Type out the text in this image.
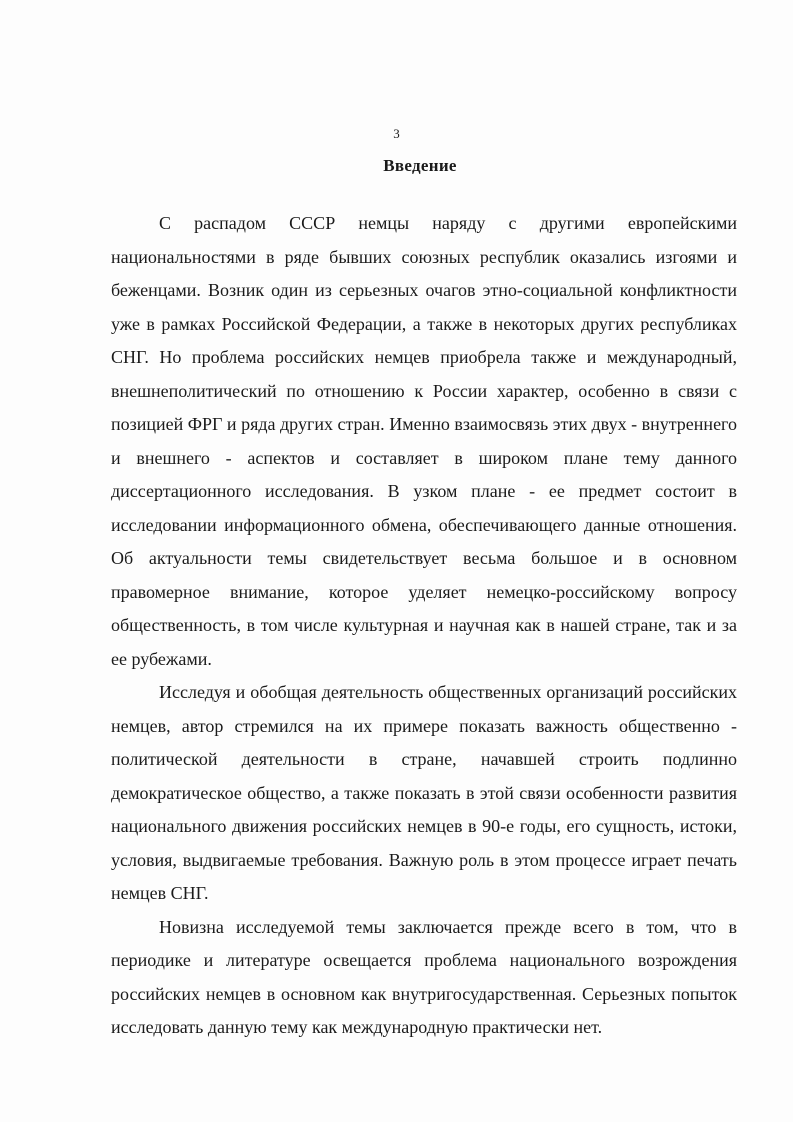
3
Введение

С распадом СССР немцы наряду с другими европейскими национальностями в ряде бывших союзных республик оказались изгоями и беженцами. Возник один из серьезных очагов этно-социальной конфликтности уже в рамках Российской Федерации, а также в некоторых других республиках СНГ. Но проблема российских немцев приобрела также и международный, внешнеполитический по отношению к России характер, особенно в связи с позицией ФРГ и ряда других стран. Именно взаимосвязь этих двух - внутреннего и внешнего - аспектов и составляет в широком плане тему данного диссертационного исследования. В узком плане - ее предмет состоит в исследовании информационного обмена, обеспечивающего данные отношения. Об актуальности темы свидетельствует весьма большое и в основном правомерное внимание, которое уделяет немецко-российскому вопросу общественность, в том числе культурная и научная как в нашей стране, так и за ее рубежами.

Исследуя и обобщая деятельность общественных организаций российских немцев, автор стремился на их примере показать важность общественно - политической деятельности в стране, начавшей строить подлинно демократическое общество, а также показать в этой связи особенности развития национального движения российских немцев в 90-е годы, его сущность, истоки, условия, выдвигаемые требования. Важную роль в этом процессе играет печать немцев СНГ.

Новизна исследуемой темы заключается прежде всего в том, что в периодике и литературе освещается проблема национального возрождения российских немцев в основном как внутригосударственная. Серьезных попыток исследовать данную тему как международную практически нет.
